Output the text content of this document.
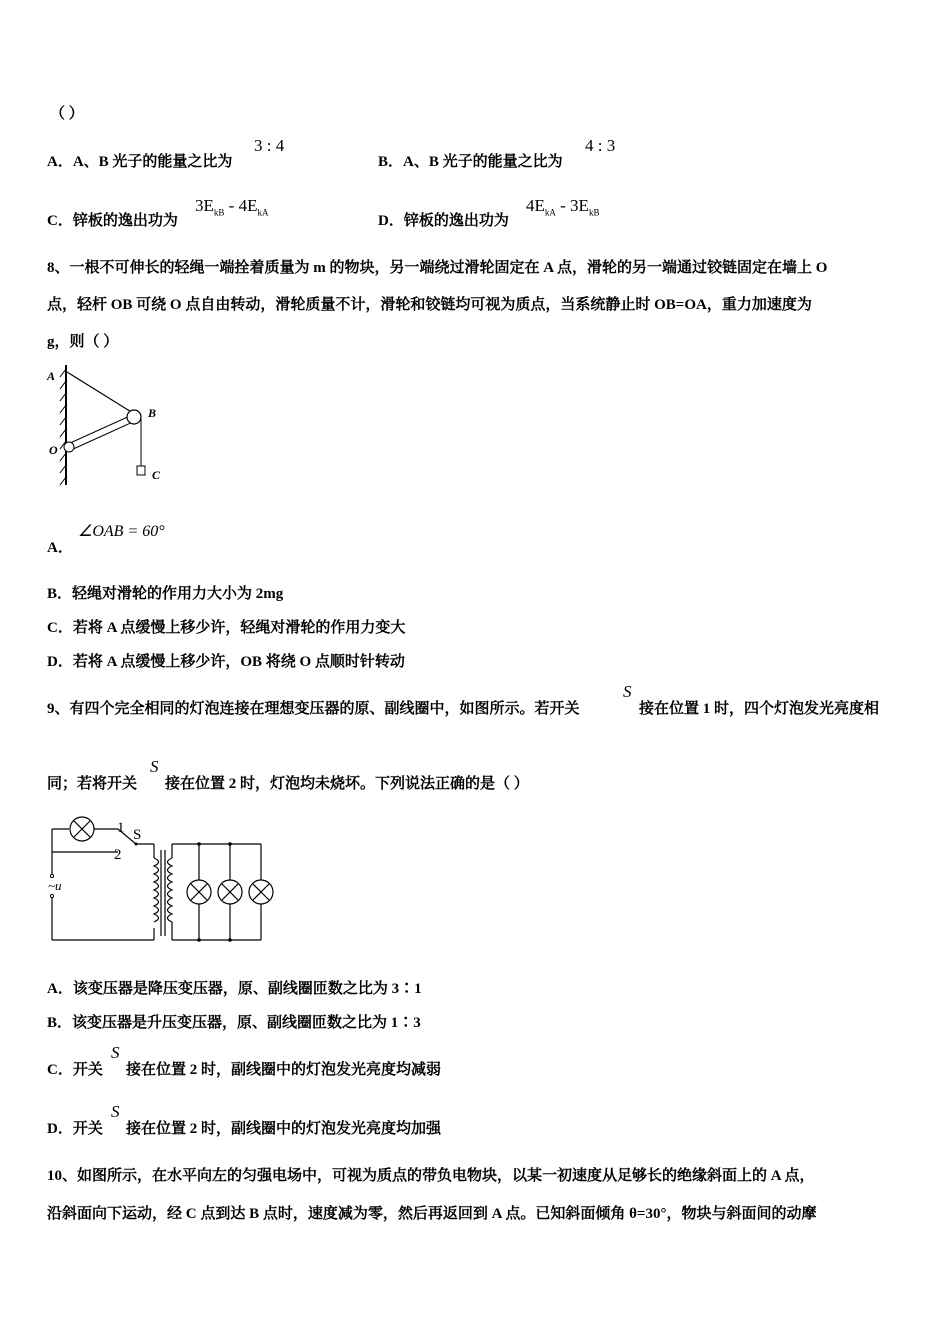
（ ）
A．A、B 光子的能量之比为
3 : 4
B．A、B 光子的能量之比为
4 : 3
C．锌板的逸出功为
$3E_{kB} - 4E_{kA}$
D．锌板的逸出功为
$4E_{kA} - 3E_{kB}$
8、一根不可伸长的轻绳一端拴着质量为 m 的物块，另一端绕过滑轮固定在 A 点，滑轮的另一端通过铰链固定在墙上 O
点，轻杆 OB 可绕 O 点自由转动，滑轮质量不计，滑轮和铰链均可视为质点，当系统静止时 OB=OA，重力加速度为
g，则（ ）
A
B
O
C
A．
∠OAB = 60°
B．轻绳对滑轮的作用力大小为 2mg
C．若将 A 点缓慢上移少许，轻绳对滑轮的作用力变大
D．若将 A 点缓慢上移少许，OB 将绕 O 点顺时针转动
9、有四个完全相同的灯泡连接在理想变压器的原、副线圈中，如图所示。若开关
S
接在位置 1 时，四个灯泡发光亮度相
同；若将开关
S
接在位置 2 时，灯泡均未烧坏。下列说法正确的是（ ）
1 S
2
~u
A．该变压器是降压变压器，原、副线圈匝数之比为 3∶1
B．该变压器是升压变压器，原、副线圈匝数之比为 1∶3
C．开关
S
接在位置 2 时，副线圈中的灯泡发光亮度均减弱
D．开关
S
接在位置 2 时，副线圈中的灯泡发光亮度均加强
10、如图所示，在水平向左的匀强电场中，可视为质点的带负电物块，以某一初速度从足够长的绝缘斜面上的 A 点，
沿斜面向下运动，经 C 点到达 B 点时，速度减为零，然后再返回到 A 点。已知斜面倾角 θ=30°，物块与斜面间的动摩
